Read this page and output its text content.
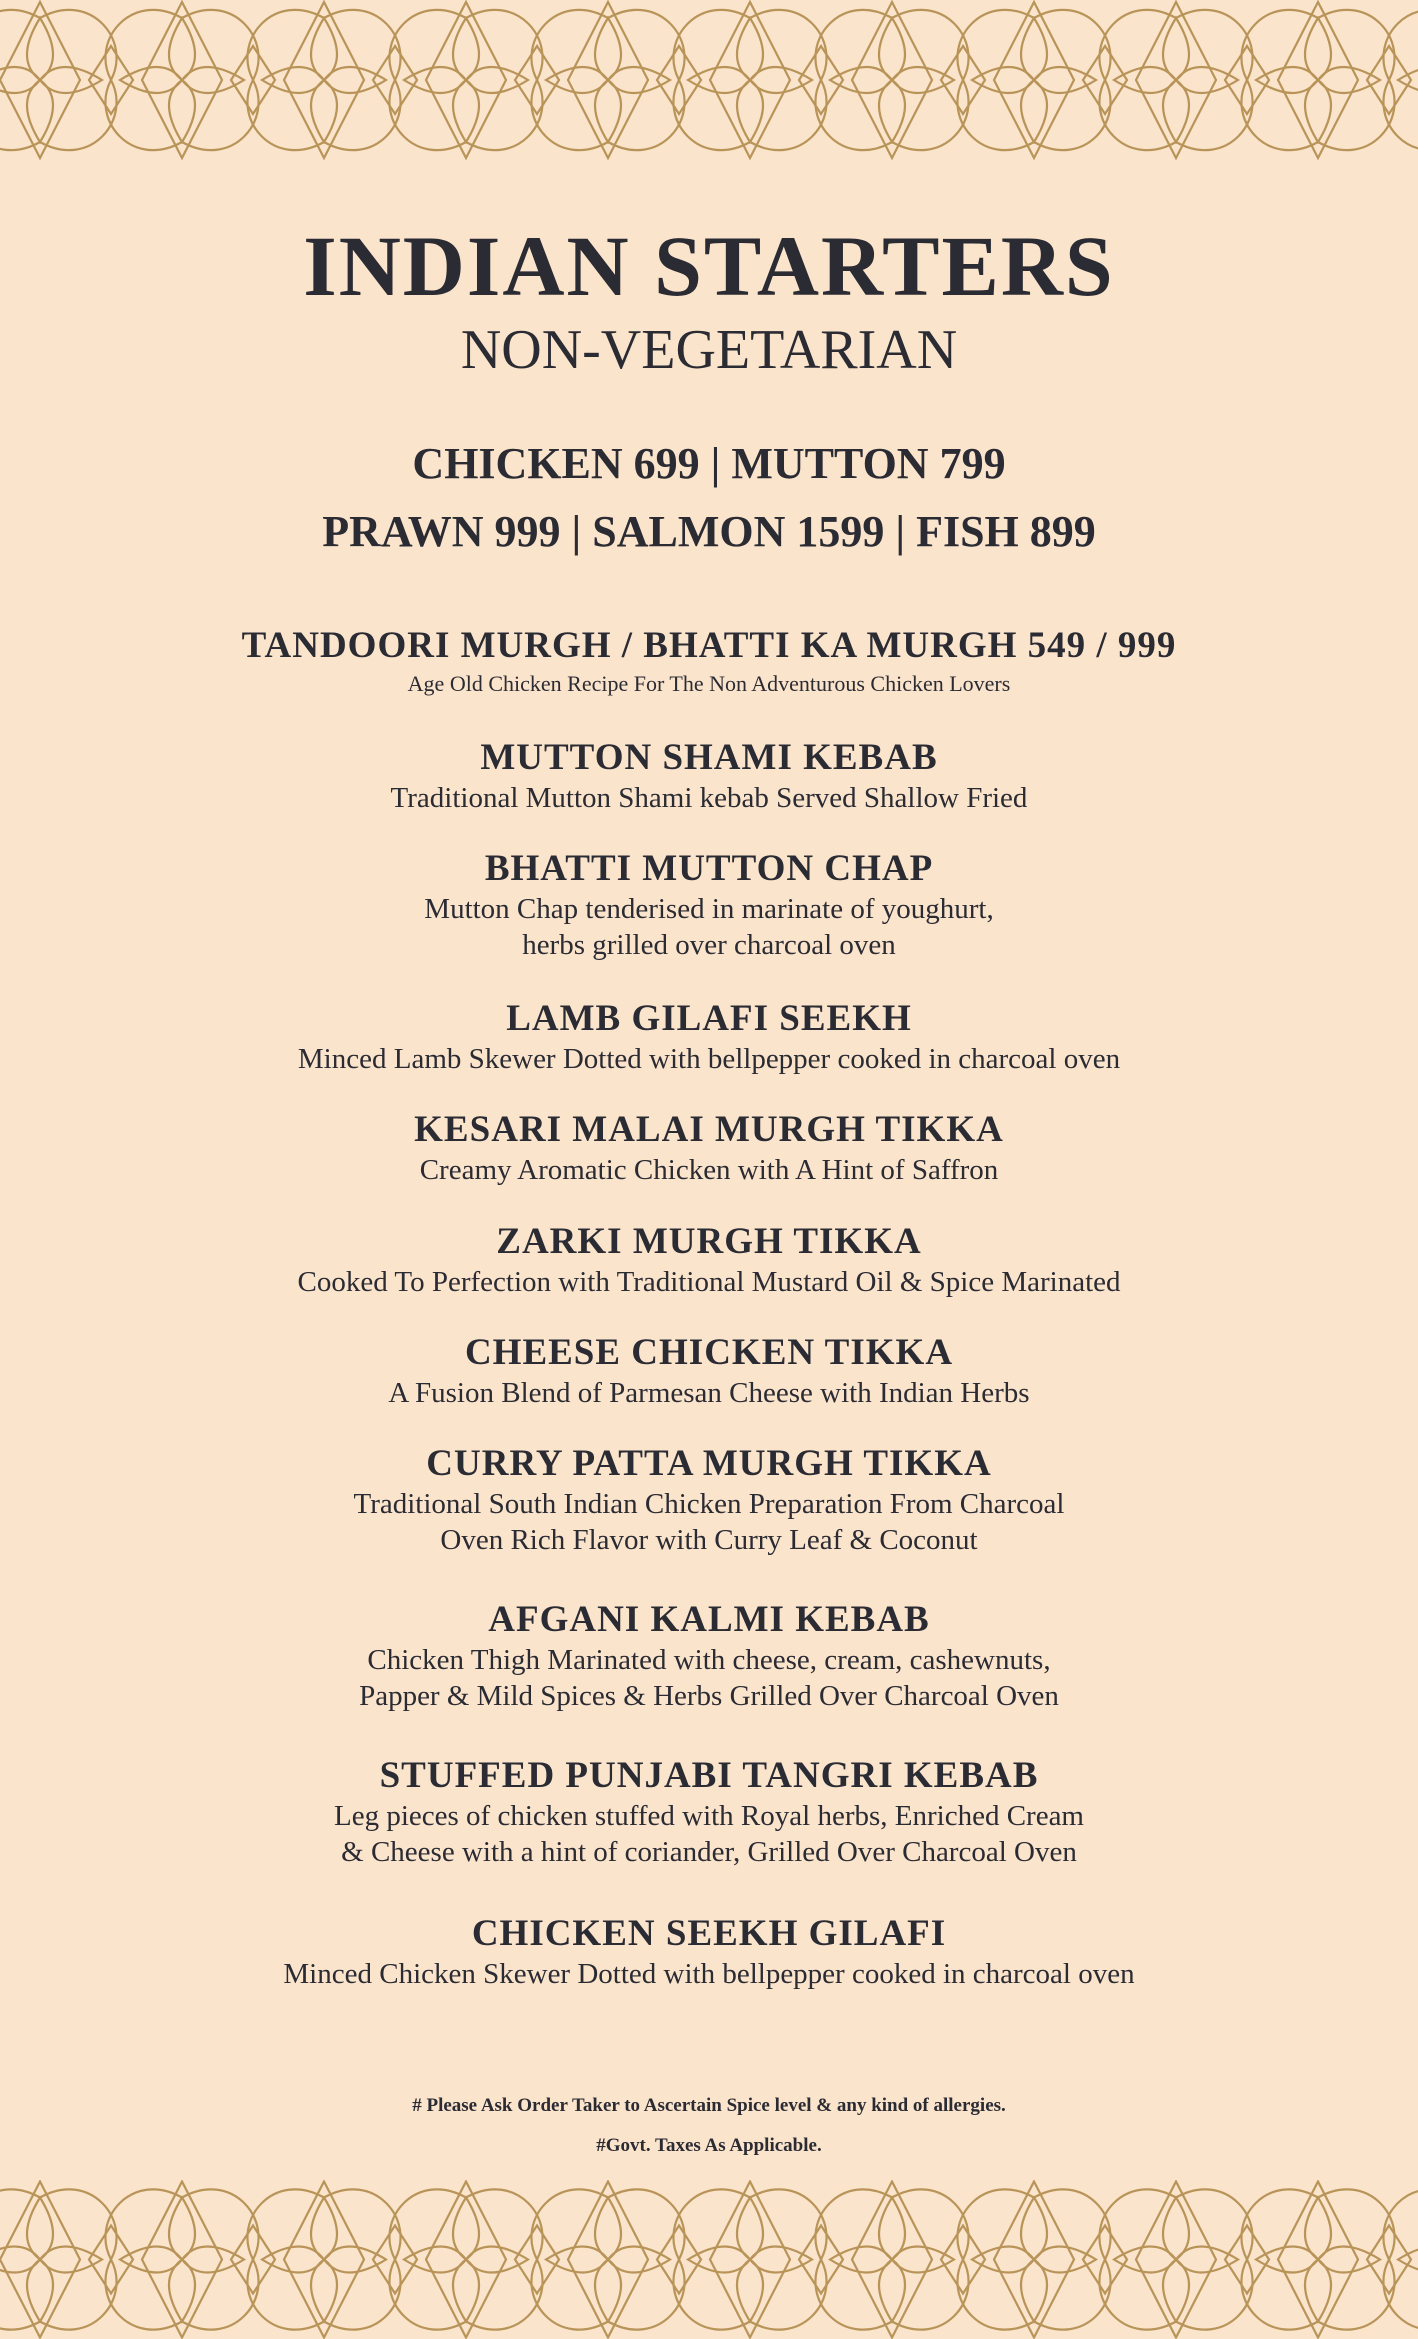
INDIAN STARTERS
NON-VEGETARIAN
CHICKEN 699 | MUTTON 799
PRAWN 999 | SALMON 1599 | FISH 899
TANDOORI MURGH / BHATTI KA MURGH 549 / 999
Age Old Chicken Recipe For The Non Adventurous Chicken Lovers
MUTTON SHAMI KEBAB
Traditional Mutton Shami kebab Served Shallow Fried
BHATTI MUTTON CHAP
Mutton Chap tenderised in marinate of youghurt,
herbs grilled over charcoal oven
LAMB GILAFI SEEKH
Minced Lamb Skewer Dotted with bellpepper cooked in charcoal oven
KESARI MALAI MURGH TIKKA
Creamy Aromatic Chicken with A Hint of Saffron
ZARKI MURGH TIKKA
Cooked To Perfection with Traditional Mustard Oil & Spice Marinated
CHEESE CHICKEN TIKKA
A Fusion Blend of Parmesan Cheese with Indian Herbs
CURRY PATTA MURGH TIKKA
Traditional South Indian Chicken Preparation From Charcoal
Oven Rich Flavor with Curry Leaf & Coconut
AFGANI KALMI KEBAB
Chicken Thigh Marinated with cheese, cream, cashewnuts,
Papper & Mild Spices & Herbs Grilled Over Charcoal Oven
STUFFED PUNJABI TANGRI KEBAB
Leg pieces of chicken stuffed with Royal herbs, Enriched Cream
& Cheese with a hint of coriander, Grilled Over Charcoal Oven
CHICKEN SEEKH GILAFI
Minced Chicken Skewer Dotted with bellpepper cooked in charcoal oven
# Please Ask Order Taker to Ascertain Spice level & any kind of allergies.
#Govt. Taxes As Applicable.
